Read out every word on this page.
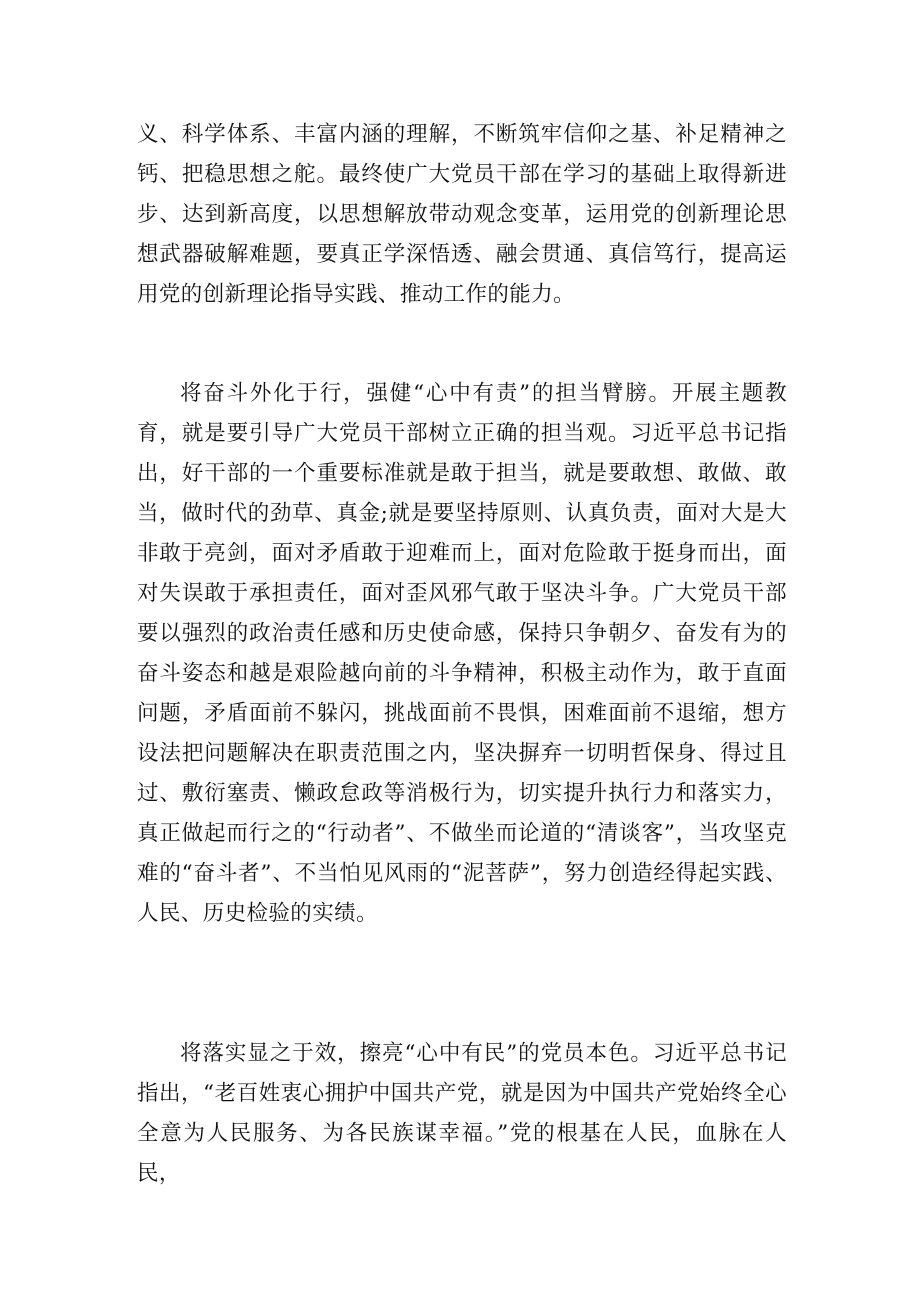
义、科学体系、丰富内涵的理解，不断筑牢信仰之基、补足精神之钙、把稳思想之舵。最终使广大党员干部在学习的基础上取得新进步、达到新高度，以思想解放带动观念变革，运用党的创新理论思想武器破解难题，要真正学深悟透、融会贯通、真信笃行，提高运用党的创新理论指导实践、推动工作的能力。

将奋斗外化于行，强健“心中有责”的担当臂膀。开展主题教育，就是要引导广大党员干部树立正确的担当观。习近平总书记指出，好干部的一个重要标准就是敢于担当，就是要敢想、敢做、敢当，做时代的劲草、真金;就是要坚持原则、认真负责，面对大是大非敢于亮剑，面对矛盾敢于迎难而上，面对危险敢于挺身而出，面对失误敢于承担责任，面对歪风邪气敢于坚决斗争。广大党员干部要以强烈的政治责任感和历史使命感，保持只争朝夕、奋发有为的奋斗姿态和越是艰险越向前的斗争精神，积极主动作为，敢于直面问题，矛盾面前不躲闪，挑战面前不畏惧，困难面前不退缩，想方设法把问题解决在职责范围之内，坚决摒弃一切明哲保身、得过且过、敷衍塞责、懒政怠政等消极行为，切实提升执行力和落实力，真正做起而行之的“行动者”、不做坐而论道的“清谈客”，当攻坚克难的“奋斗者”、不当怕见风雨的“泥菩萨”，努力创造经得起实践、人民、历史检验的实绩。

将落实显之于效，擦亮“心中有民”的党员本色。习近平总书记指出，“老百姓衷心拥护中国共产党，就是因为中国共产党始终全心全意为人民服务、为各民族谋幸福。”党的根基在人民，血脉在人民，
